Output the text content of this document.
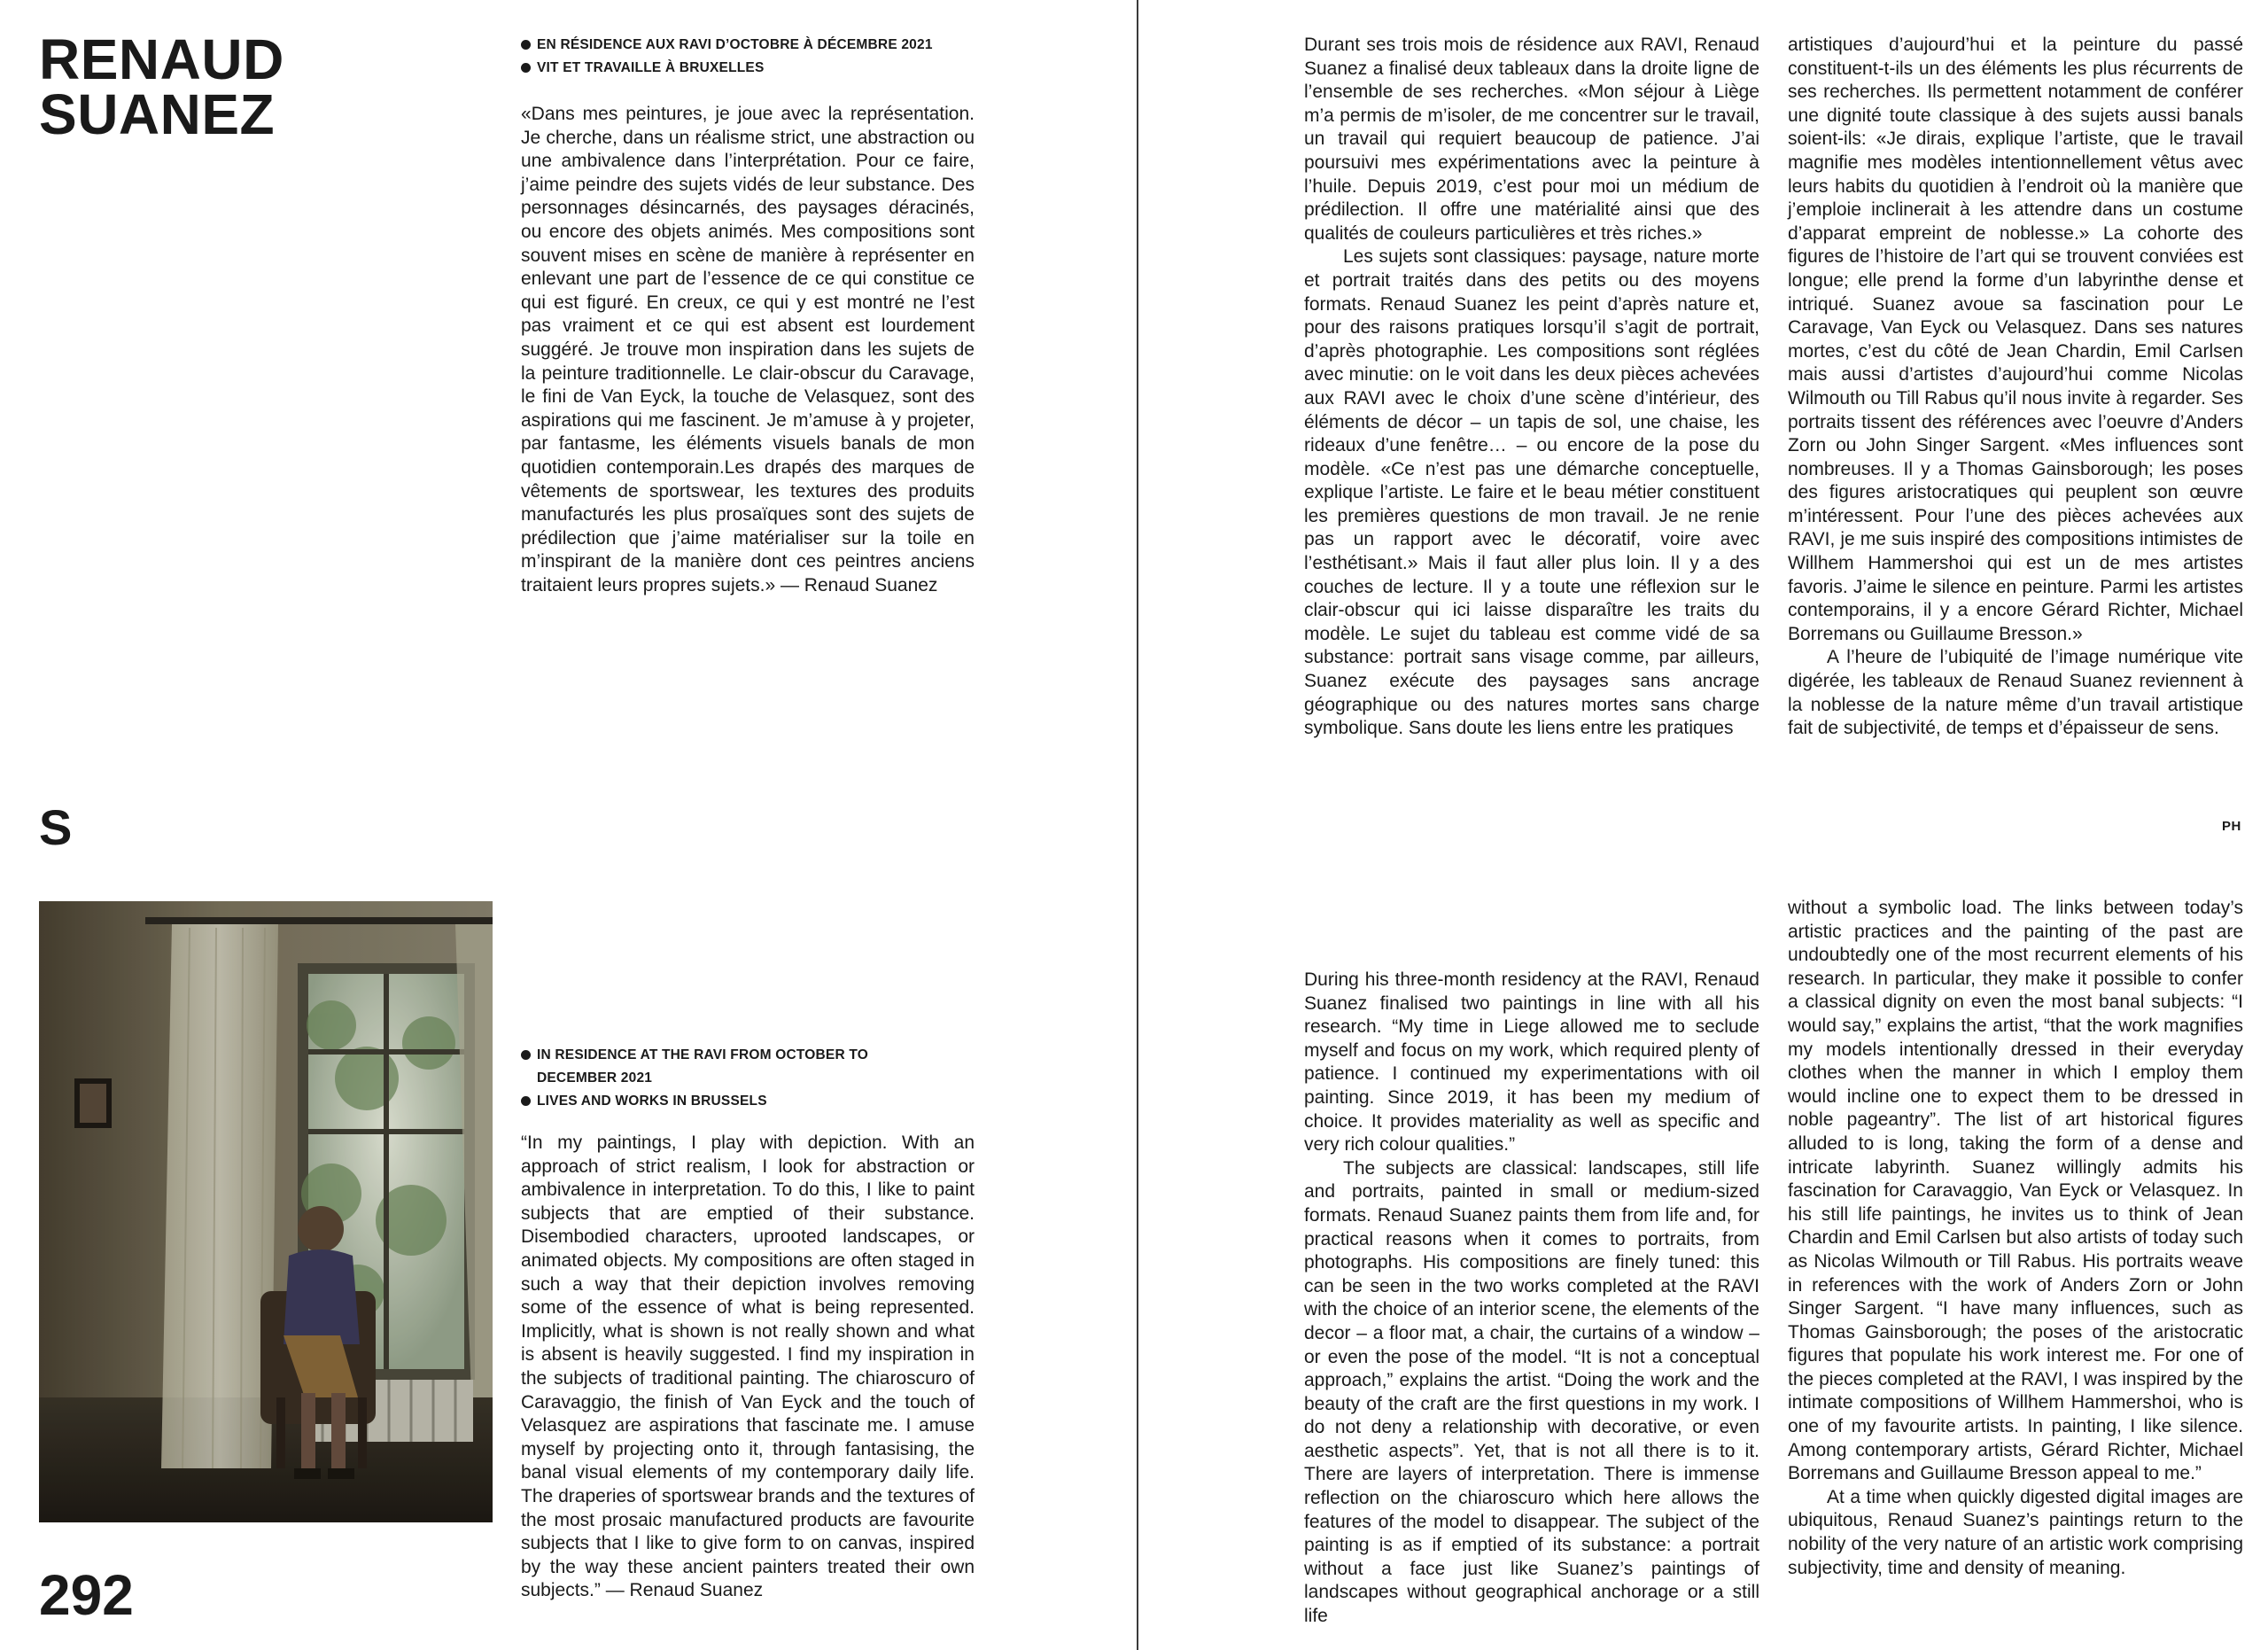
RENAUD
SUANEZ
EN RÉSIDENCE AUX RAVI D’OCTOBRE À DÉCEMBRE 2021
VIT ET TRAVAILLE À BRUXELLES

«Dans mes peintures, je joue avec la représentation. Je cherche, dans un réalisme strict, une abstraction ou une ambivalence dans l’interprétation. Pour ce faire, j’aime peindre des sujets vidés de leur substance. Des personnages désincarnés, des paysages déracinés, ou encore des objets animés. Mes compositions sont souvent mises en scène de manière à représenter en enlevant une part de l’essence de ce qui constitue ce qui est figuré. En creux, ce qui y est montré ne l’est pas vraiment et ce qui est absent est lourdement suggéré. Je trouve mon inspiration dans les sujets de la peinture traditionnelle. Le clair-obscur du Caravage, le fini de Van Eyck, la touche de Velasquez, sont des aspirations qui me fascinent. Je m’amuse à y projeter, par fantasme, les éléments visuels banals de mon quotidien contemporain.Les drapés des marques de vêtements de sportswear, les textures des produits manufacturés les plus prosaïques sont des sujets de prédilection que j’aime matérialiser sur la toile en m’inspirant de la manière dont ces peintres anciens traitaient leurs propres sujets.» — Renaud Suanez

S
IN RESIDENCE AT THE RAVI FROM OCTOBER TO
DECEMBER 2021
LIVES AND WORKS IN BRUSSELS

“In my paintings, I play with depiction. With an approach of strict realism, I look for abstraction or ambivalence in interpretation. To do this, I like to paint subjects that are emptied of their substance. Disembodied characters, uprooted landscapes, or animated objects. My compositions are often staged in such a way that their depiction involves removing some of the essence of what is being represented. Implicitly, what is shown is not really shown and what is absent is heavily suggested. I find my inspiration in the subjects of traditional painting. The chiaroscuro of Caravaggio, the finish of Van Eyck and the touch of Velasquez are aspirations that fascinate me. I amuse myself by projecting onto it, through fantasising, the banal visual elements of my contemporary daily life. The draperies of sportswear brands and the textures of the most prosaic manufactured products are favourite subjects that I like to give form to on canvas, inspired by the way these ancient painters treated their own subjects.” — Renaud Suanez

292

Durant ses trois mois de résidence aux RAVI, Renaud Suanez a finalisé deux tableaux dans la droite ligne de l’ensemble de ses recherches. «Mon séjour à Liège m’a permis de m’isoler, de me concentrer sur le travail, un travail qui requiert beaucoup de patience. J’ai poursuivi mes expérimentations avec la peinture à l’huile. Depuis 2019, c’est pour moi un médium de prédilection. Il offre une matérialité ainsi que des qualités de couleurs particulières et très riches.»

Les sujets sont classiques: paysage, nature morte et portrait traités dans des petits ou des moyens formats. Renaud Suanez les peint d’après nature et, pour des raisons pratiques lorsqu’il s’agit de portrait, d’après photographie. Les compositions sont réglées avec minutie: on le voit dans les deux pièces achevées aux RAVI avec le choix d’une scène d’intérieur, des éléments de décor – un tapis de sol, une chaise, les rideaux d’une fenêtre… – ou encore de la pose du modèle. «Ce n’est pas une démarche conceptuelle, explique l’artiste. Le faire et le beau métier constituent les premières questions de mon travail. Je ne renie pas un rapport avec le décoratif, voire avec l’esthétisant.» Mais il faut aller plus loin. Il y a des couches de lecture. Il y a toute une réflexion sur le clair-obscur qui ici laisse disparaître les traits du modèle. Le sujet du tableau est comme vidé de sa substance: portrait sans visage comme, par ailleurs, Suanez exécute des paysages sans ancrage géographique ou des natures mortes sans charge symbolique. Sans doute les liens entre les pratiques

artistiques d’aujourd’hui et la peinture du passé constituent-t-ils un des éléments les plus récurrents de ses recherches. Ils permettent notamment de conférer une dignité toute classique à des sujets aussi banals soient-ils: «Je dirais, explique l’artiste, que le travail magnifie mes modèles intentionnellement vêtus avec leurs habits du quotidien à l’endroit où la manière que j’emploie inclinerait à les attendre dans un costume d’apparat empreint de noblesse.» La cohorte des figures de l’histoire de l’art qui se trouvent conviées est longue; elle prend la forme d’un labyrinthe dense et intriqué. Suanez avoue sa fascination pour Le Caravage, Van Eyck ou Velasquez. Dans ses natures mortes, c’est du côté de Jean Chardin, Emil Carlsen mais aussi d’artistes d’aujourd’hui comme Nicolas Wilmouth ou Till Rabus qu’il nous invite à regarder. Ses portraits tissent des références avec l’oeuvre d’Anders Zorn ou John Singer Sargent. «Mes influences sont nombreuses. Il y a Thomas Gainsborough; les poses des figures aristocratiques qui peuplent son œuvre m’intéressent. Pour l’une des pièces achevées aux RAVI, je me suis inspiré des compositions intimistes de Willhem Hammershoi qui est un de mes artistes favoris. J’aime le silence en peinture. Parmi les artistes contemporains, il y a encore Gérard Richter, Michael Borremans ou Guillaume Bresson.»

A l’heure de l’ubiquité de l’image numérique vite digérée, les tableaux de Renaud Suanez reviennent à la noblesse de la nature même d’un travail artistique fait de subjectivité, de temps et d’épaisseur de sens.

PH

During his three-month residency at the RAVI, Renaud Suanez finalised two paintings in line with all his research. “My time in Liege allowed me to seclude myself and focus on my work, which required plenty of patience. I continued my experimentations with oil painting. Since 2019, it has been my medium of choice. It provides materiality as well as specific and very rich colour qualities.”

The subjects are classical: landscapes, still life and portraits, painted in small or medium-sized formats. Renaud Suanez paints them from life and, for practical reasons when it comes to portraits, from photographs. His compositions are finely tuned: this can be seen in the two works completed at the RAVI with the choice of an interior scene, the elements of the decor – a floor mat, a chair, the curtains of a window – or even the pose of the model. “It is not a conceptual approach,” explains the artist. “Doing the work and the beauty of the craft are the first questions in my work. I do not deny a relationship with decorative, or even aesthetic aspects”. Yet, that is not all there is to it. There are layers of interpretation. There is immense reflection on the chiaroscuro which here allows the features of the model to disappear. The subject of the painting is as if emptied of its substance: a portrait without a face just like Suanez’s paintings of landscapes without geographical anchorage or a still life

without a symbolic load. The links between today’s artistic practices and the painting of the past are undoubtedly one of the most recurrent elements of his research. In particular, they make it possible to confer a classical dignity on even the most banal subjects: “I would say,” explains the artist, “that the work magnifies my models intentionally dressed in their everyday clothes when the manner in which I employ them would incline one to expect them to be dressed in noble pageantry”. The list of art historical figures alluded to is long, taking the form of a dense and intricate labyrinth. Suanez willingly admits his fascination for Caravaggio, Van Eyck or Velasquez. In his still life paintings, he invites us to think of Jean Chardin and Emil Carlsen but also artists of today such as Nicolas Wilmouth or Till Rabus. His portraits weave in references with the work of Anders Zorn or John Singer Sargent. “I have many influences, such as Thomas Gainsborough; the poses of the aristocratic figures that populate his work interest me. For one of the pieces completed at the RAVI, I was inspired by the intimate compositions of Willhem Hammershoi, who is one of my favourite artists. In painting, I like silence. Among contemporary artists, Gérard Richter, Michael Borremans and Guillaume Bresson appeal to me.”

At a time when quickly digested digital images are ubiquitous, Renaud Suanez’s paintings return to the nobility of the very nature of an artistic work comprising subjectivity, time and density of meaning.
